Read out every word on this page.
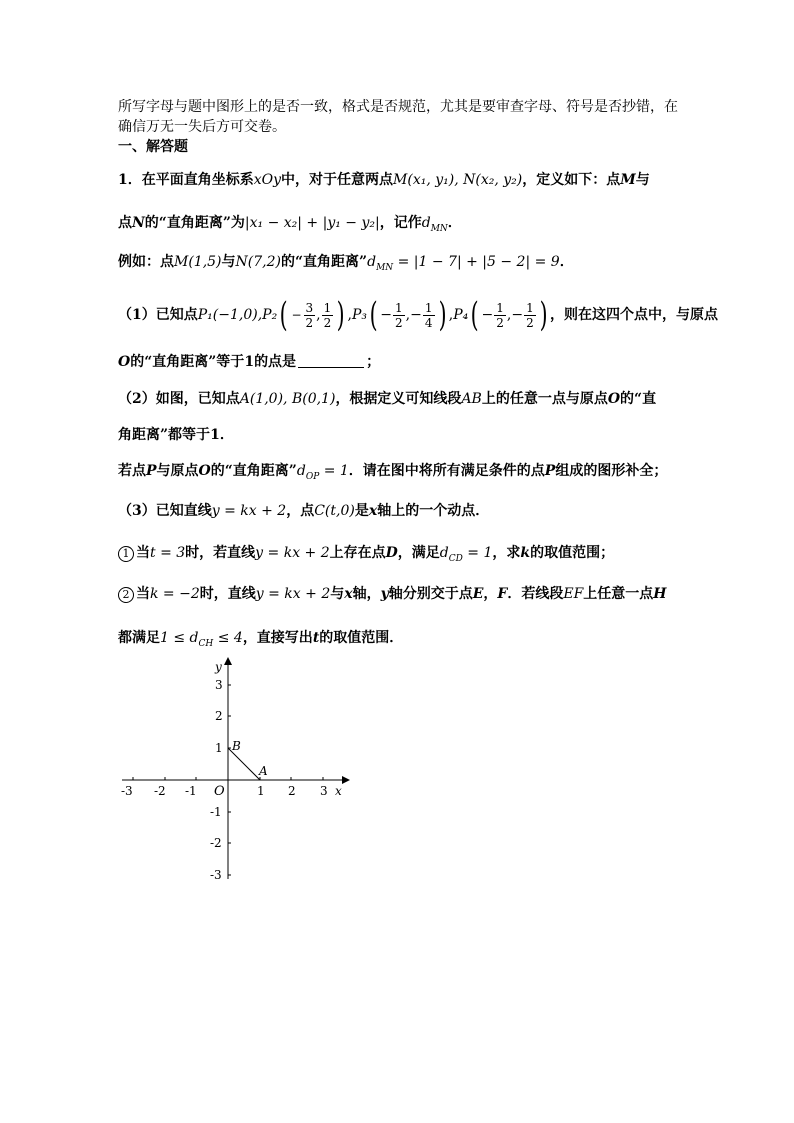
所写字母与题中图形上的是否一致，格式是否规范，尤其是要审查字母、符号是否抄错，在
确信万无一失后方可交卷。
一、解答题
1．在平面直角坐标系xOy中，对于任意两点M(x₁, y₁), N(x₂, y₂)，定义如下：点M与
点N的“直角距离”为|x₁ − x₂| + |y₁ − y₂|，记作$d_{MN}$．
例如：点M(1,5)与N(7,2)的“直角距离$”d_{MN} = |1 - 7| + |5 - 2| = 9$．
（1）已知点$P_1(-1,0),P_2( - \frac{3}{2}$ , $\frac{1}{2}$ ) $,P_3( - \frac{1}{2}$ ,− $\frac{1}{4}$ ) $,P_4( - \frac{1}{2}$ ,− $\frac{1}{2}$ ) ，则在这四个点中，与原点
O的“直角距离”等于1的点是	；
（2）如图，已知点A(1,0), B(0,1)，根据定义可知线段AB上的任意一点与原点O的“直
角距离”都等于1．
若点P与原点O的“直角距离$”d_{OP} = 1$．请在图中将所有满足条件的点P组成的图形补全；
（3）已知直线y = kx + 2，点C(t,0)是x轴上的一个动点．
1 当t = 3时，若直线y = kx + 2上存在点D，满足$d_{CD} = 1$，求k的取值范围；
2 当k = −2时，直线y = kx + 2与x轴，y轴分别交于点E，F．若线段EF上任意一点H
都满足$1 \le d_{CH} \le 4$，直接写出t的取值范围．
-3 -2 -1	1 2 3
3
2
1
-1
-2
-3
x
y
O
B
A
